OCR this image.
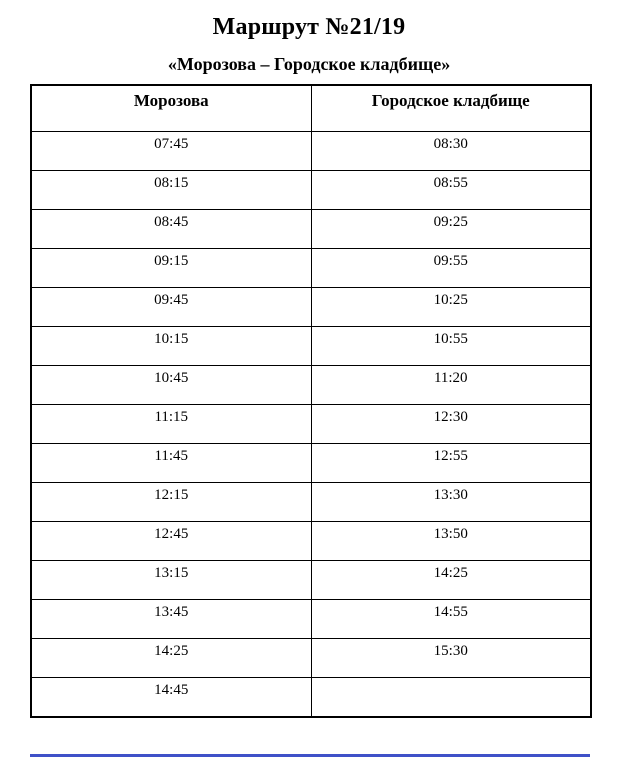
Маршрут №21/19
«Морозова – Городское кладбище»
Морозова	Городское кладбище
07:45	08:30
08:15	08:55
08:45	09:25
09:15	09:55
09:45	10:25
10:15	10:55
10:45	11:20
11:15	12:30
11:45	12:55
12:15	13:30
12:45	13:50
13:15	14:25
13:45	14:55
14:25	15:30
14:45	
